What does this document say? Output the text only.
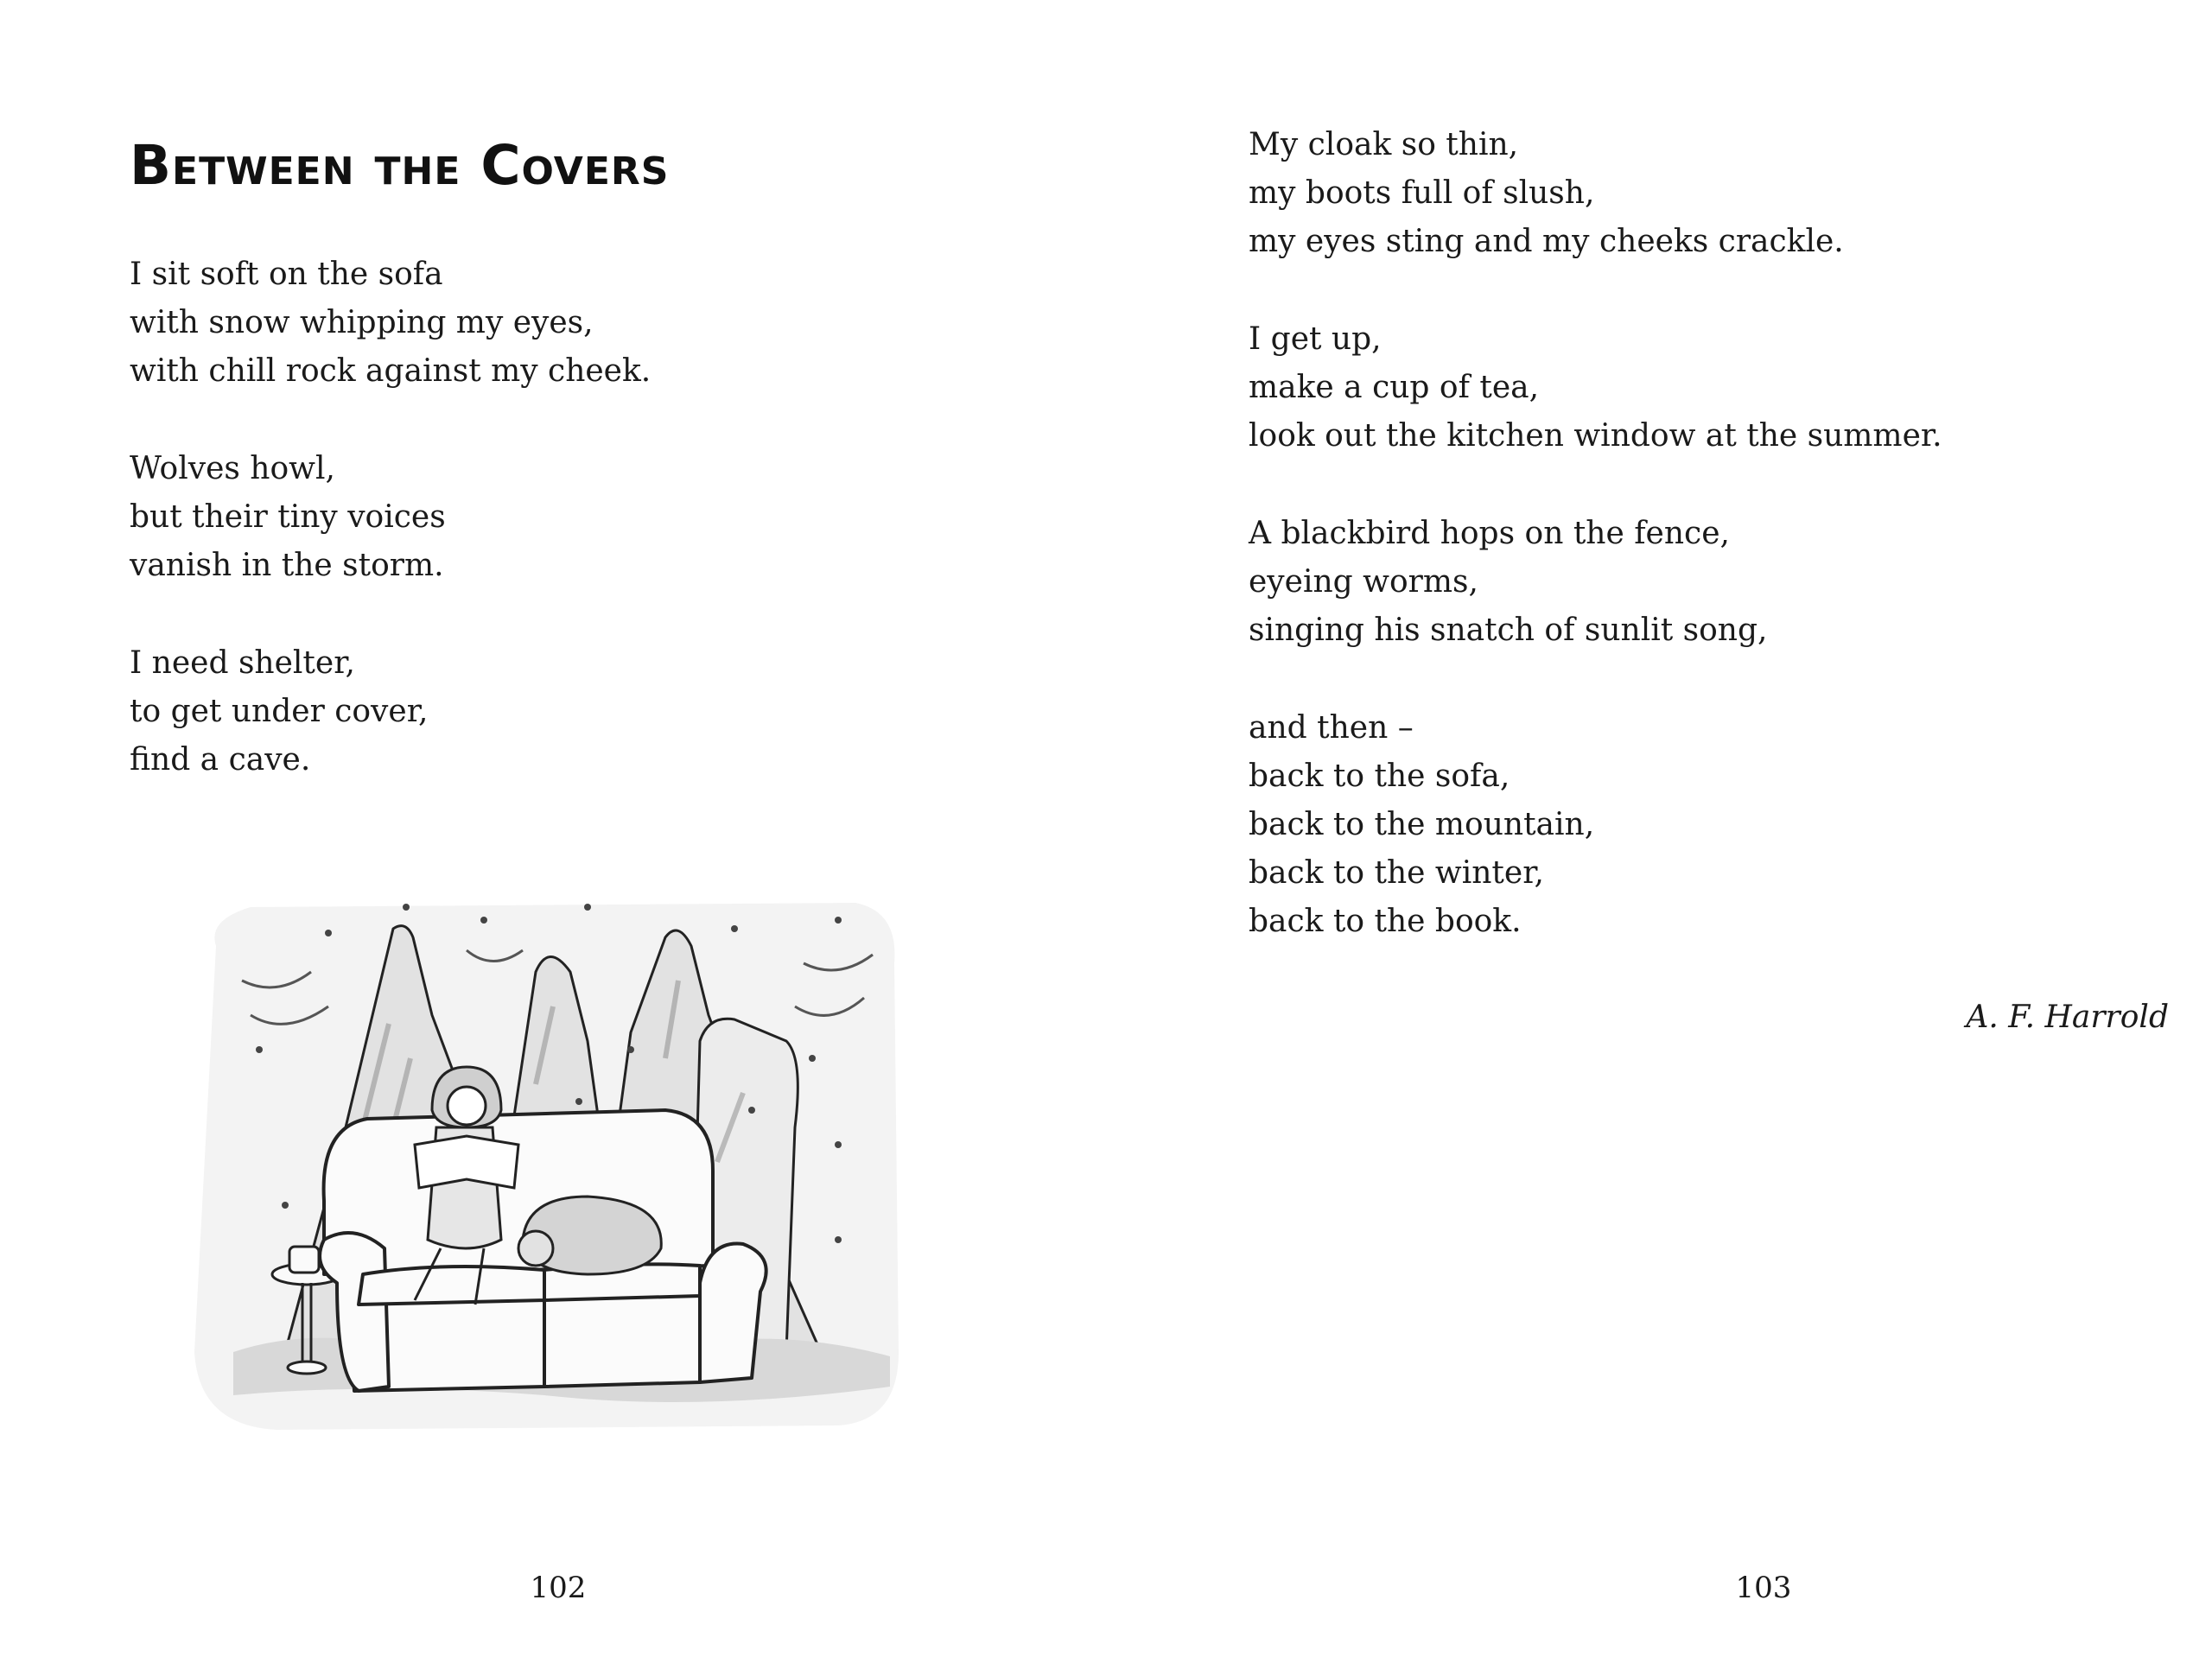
Between the Covers
I sit soft on the sofa
with snow whipping my eyes,
with chill rock against my cheek.
Wolves howl,
but their tiny voices
vanish in the storm.
I need shelter,
to get under cover,
find a cave.
102
My cloak so thin,
my boots full of slush,
my eyes sting and my cheeks crackle.
I get up,
make a cup of tea,
look out the kitchen window at the summer.
A blackbird hops on the fence,
eyeing worms,
singing his snatch of sunlit song,
and then –
back to the sofa,
back to the mountain,
back to the winter,
back to the book.
A. F. Harrold
103
